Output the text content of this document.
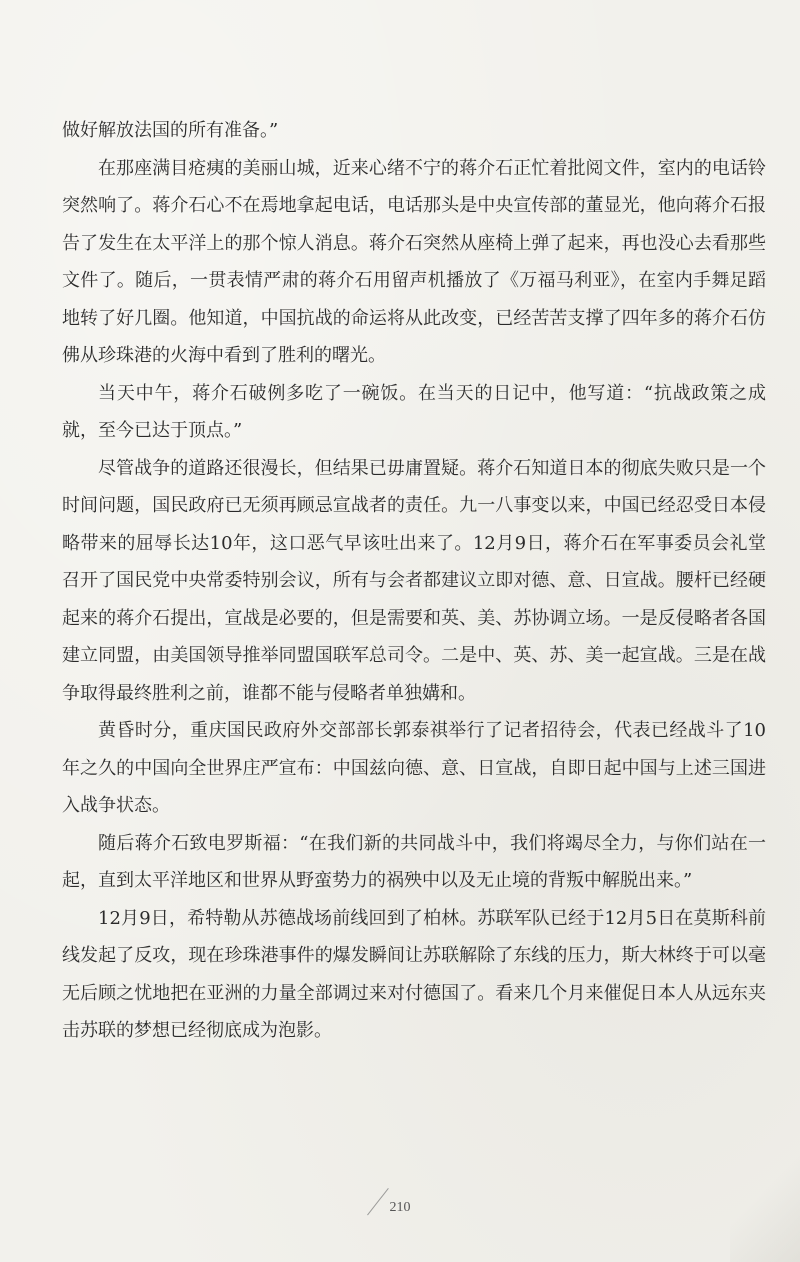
做好解放法国的所有准备。”

在那座满目疮痍的美丽山城，近来心绪不宁的蒋介石正忙着批阅文件，室内的电话铃突然响了。蒋介石心不在焉地拿起电话，电话那头是中央宣传部的董显光，他向蒋介石报告了发生在太平洋上的那个惊人消息。蒋介石突然从座椅上弹了起来，再也没心去看那些文件了。随后，一贯表情严肃的蒋介石用留声机播放了《万福马利亚》，在室内手舞足蹈地转了好几圈。他知道，中国抗战的命运将从此改变，已经苦苦支撑了四年多的蒋介石仿佛从珍珠港的火海中看到了胜利的曙光。

当天中午，蒋介石破例多吃了一碗饭。在当天的日记中，他写道：“抗战政策之成就，至今已达于顶点。”

尽管战争的道路还很漫长，但结果已毋庸置疑。蒋介石知道日本的彻底失败只是一个时间问题，国民政府已无须再顾忌宣战者的责任。九一八事变以来，中国已经忍受日本侵略带来的屈辱长达10年，这口恶气早该吐出来了。12月9日，蒋介石在军事委员会礼堂召开了国民党中央常委特别会议，所有与会者都建议立即对德、意、日宣战。腰杆已经硬起来的蒋介石提出，宣战是必要的，但是需要和英、美、苏协调立场。一是反侵略者各国建立同盟，由美国领导推举同盟国联军总司令。二是中、英、苏、美一起宣战。三是在战争取得最终胜利之前，谁都不能与侵略者单独媾和。

黄昏时分，重庆国民政府外交部部长郭泰祺举行了记者招待会，代表已经战斗了10年之久的中国向全世界庄严宣布：中国兹向德、意、日宣战，自即日起中国与上述三国进入战争状态。

随后蒋介石致电罗斯福：“在我们新的共同战斗中，我们将竭尽全力，与你们站在一起，直到太平洋地区和世界从野蛮势力的祸殃中以及无止境的背叛中解脱出来。”

12月9日，希特勒从苏德战场前线回到了柏林。苏联军队已经于12月5日在莫斯科前线发起了反攻，现在珍珠港事件的爆发瞬间让苏联解除了东线的压力，斯大林终于可以毫无后顾之忧地把在亚洲的力量全部调过来对付德国了。看来几个月来催促日本人从远东夹击苏联的梦想已经彻底成为泡影。

210
